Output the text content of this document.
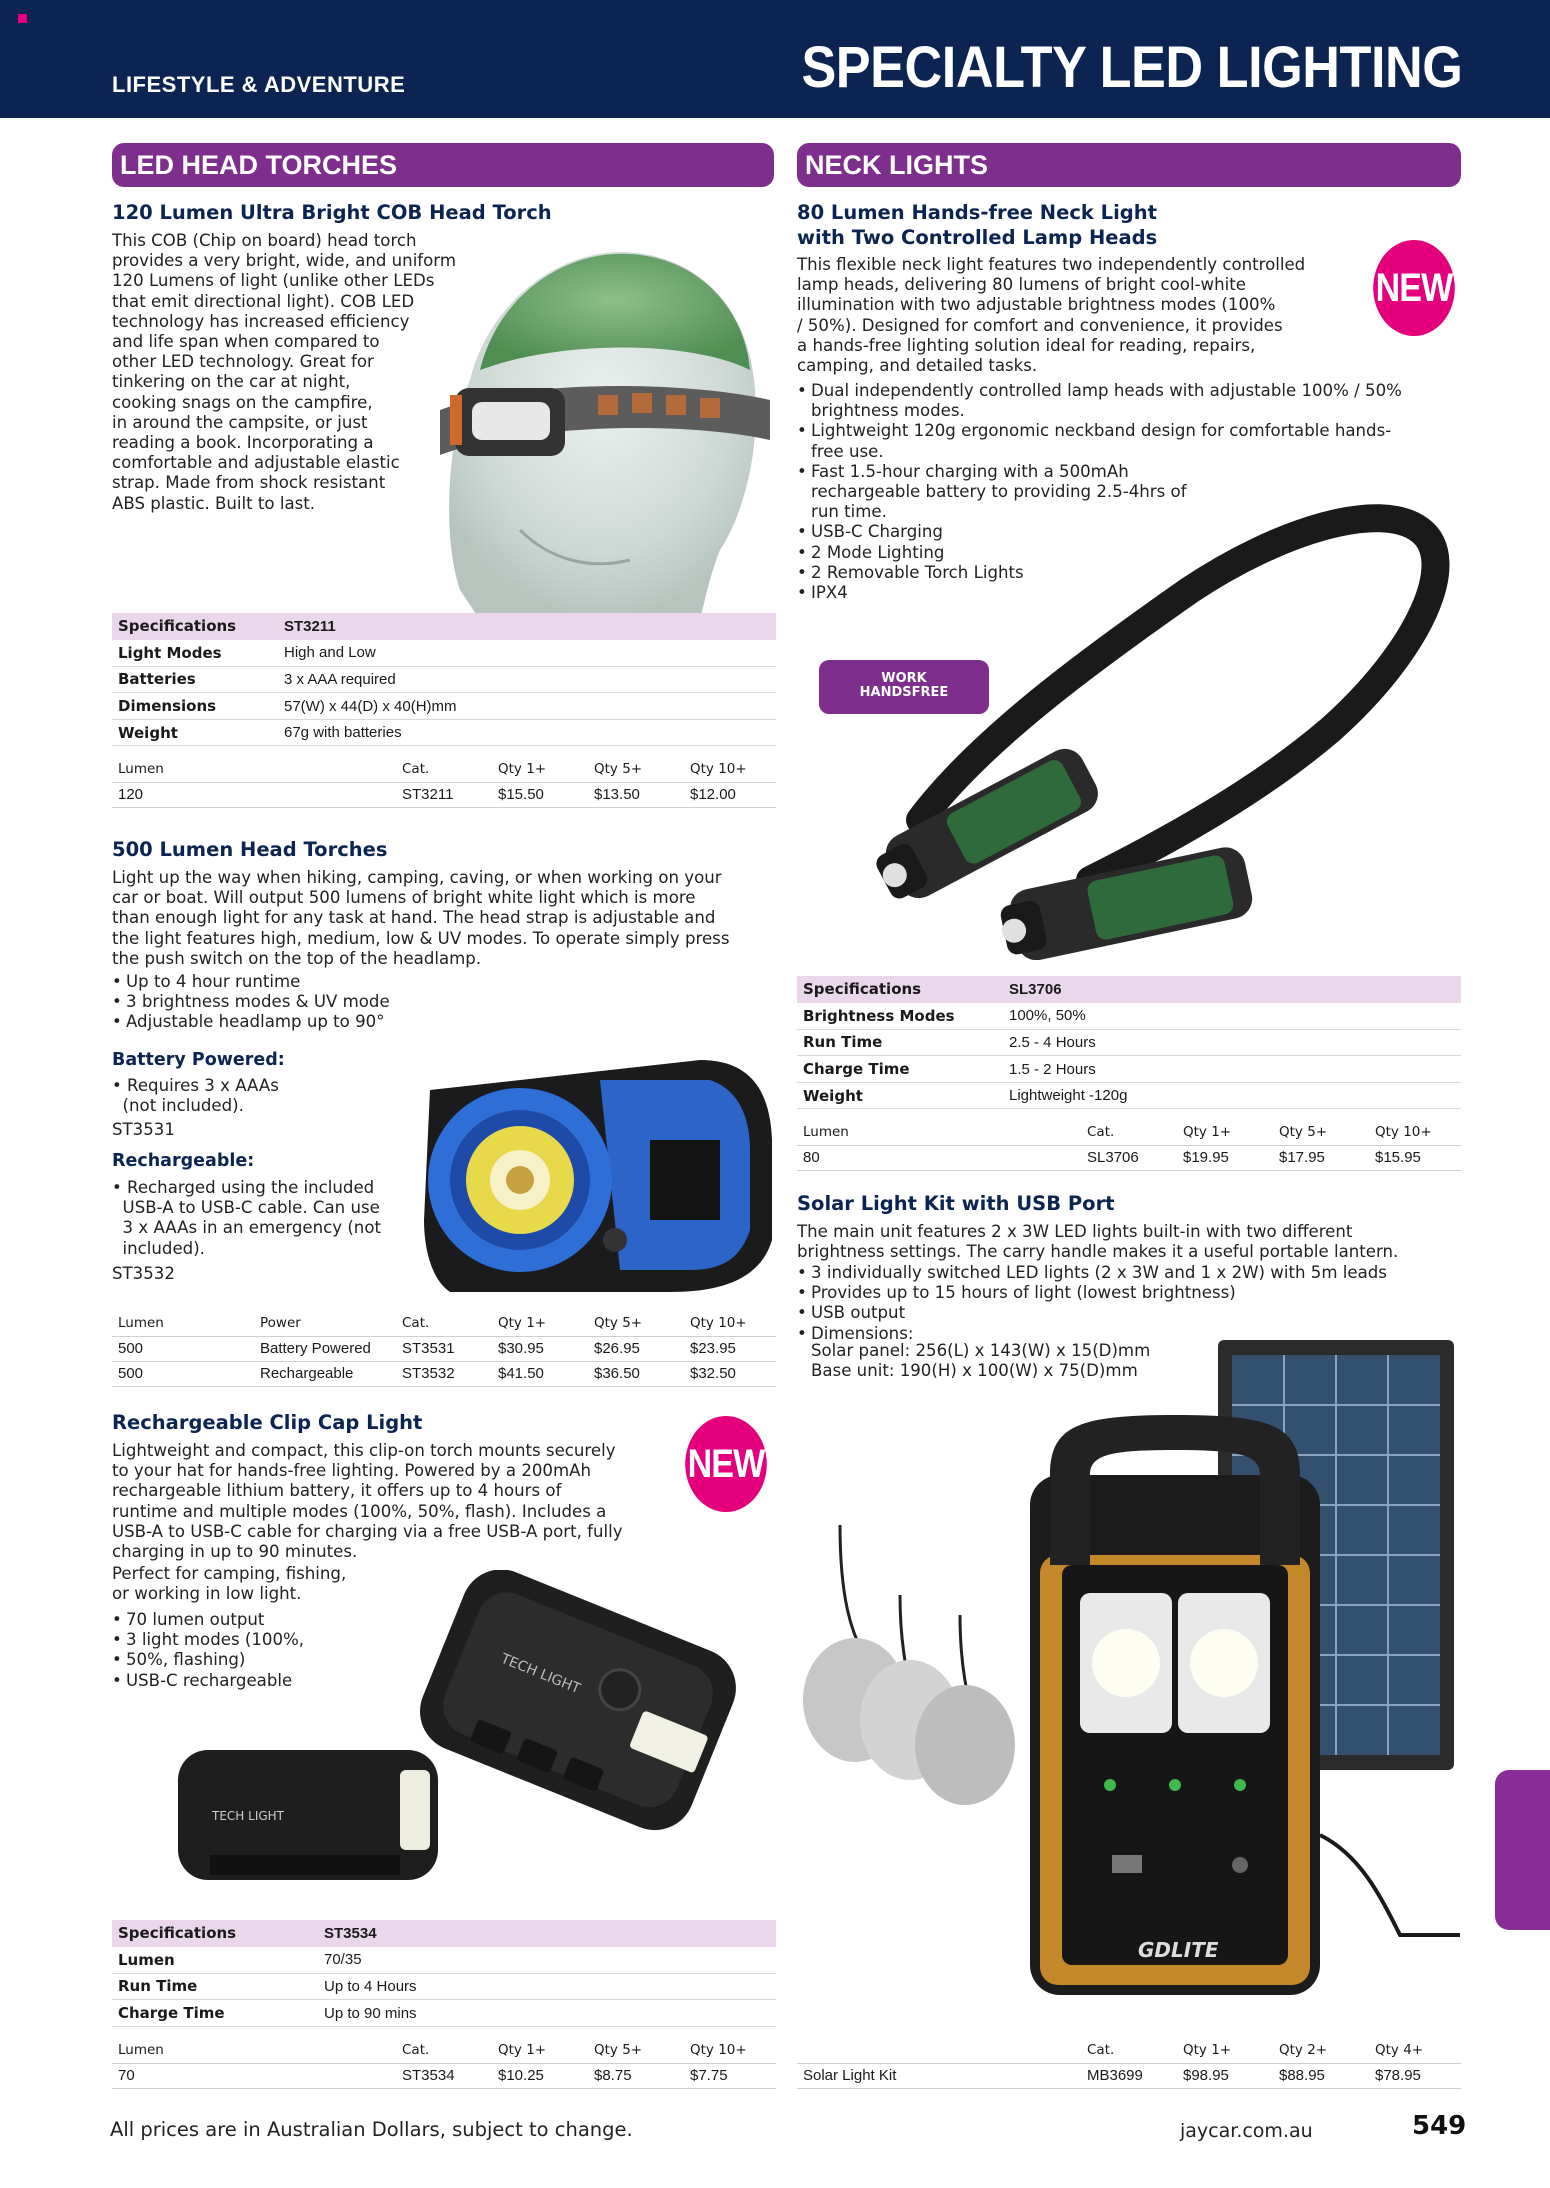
LIFESTYLE & ADVENTURE	SPECIALTY LED LIGHTING
LED HEAD TORCHES
120 Lumen Ultra Bright COB Head Torch
This COB (Chip on board) head torch
provides a very bright, wide, and uniform
120 Lumens of light (unlike other LEDs
that emit directional light). COB LED
technology has increased efficiency
and life span when compared to
other LED technology. Great for
tinkering on the car at night,
cooking snags on the campfire,
in around the campsite, or just
reading a book. Incorporating a
comfortable and adjustable elastic
strap. Made from shock resistant
ABS plastic. Built to last.
Specifications	ST3211
Light Modes	High and Low
Batteries	3 x AAA required
Dimensions	57(W) x 44(D) x 40(H)mm
Weight	67g with batteries
Lumen	Cat.	Qty 1+	Qty 5+	Qty 10+
120	ST3211	$15.50	$13.50	$12.00
500 Lumen Head Torches
Light up the way when hiking, camping, caving, or when working on your
car or boat. Will output 500 lumens of bright white light which is more
than enough light for any task at hand. The head strap is adjustable and
the light features high, medium, low & UV modes. To operate simply press
the push switch on the top of the headlamp.
• Up to 4 hour runtime
• 3 brightness modes & UV mode
• Adjustable headlamp up to 90°
Battery Powered:
• Requires 3 x AAAs
(not included).
ST3531
Rechargeable:
• Recharged using the included
USB-A to USB-C cable. Can use
3 x AAAs in an emergency (not
included).
ST3532
Lumen	Power	Cat.	Qty 1+	Qty 5+	Qty 10+
500	Battery Powered	ST3531	$30.95	$26.95	$23.95
500	Rechargeable	ST3532	$41.50	$36.50	$32.50
Rechargeable Clip Cap Light
NEW
Lightweight and compact, this clip-on torch mounts securely
to your hat for hands-free lighting. Powered by a 200mAh
rechargeable lithium battery, it offers up to 4 hours of
runtime and multiple modes (100%, 50%, flash). Includes a
USB-A to USB-C cable for charging via a free USB-A port, fully
charging in up to 90 minutes.
Perfect for camping, fishing,
or working in low light.
• 70 lumen output
• 3 light modes (100%,
• 50%, flashing)
• USB-C rechargeable	TECH LIGHT
TECH LIGHT
Specifications	ST3534
Lumen	70/35
Run Time	Up to 4 Hours
Charge Time	Up to 90 mins
Lumen	Cat.	Qty 1+	Qty 5+	Qty 10+
70	ST3534	$10.25	$8.75	$7.75
NECK LIGHTS
80 Lumen Hands-free Neck Light
with Two Controlled Lamp Heads
NEW
This flexible neck light features two independently controlled
lamp heads, delivering 80 lumens of bright cool-white
illumination with two adjustable brightness modes (100%
/ 50%). Designed for comfort and convenience, it provides
a hands-free lighting solution ideal for reading, repairs,
camping, and detailed tasks.
• Dual independently controlled lamp heads with adjustable 100% / 50%
brightness modes.
• Lightweight 120g ergonomic neckband design for comfortable hands-
free use.
• Fast 1.5-hour charging with a 500mAh
rechargeable battery to providing 2.5-4hrs of
run time.
• USB-C Charging
• 2 Mode Lighting
• 2 Removable Torch Lights
• IPX4
WORK
HANDSFREE
Specifications	SL3706
Brightness Modes	100%, 50%
Run Time	2.5 - 4 Hours
Charge Time	1.5 - 2 Hours
Weight	Lightweight -120g
Lumen	Cat.	Qty 1+	Qty 5+	Qty 10+
80	SL3706	$19.95	$17.95	$15.95
Solar Light Kit with USB Port
The main unit features 2 x 3W LED lights built-in with two different
brightness settings. The carry handle makes it a useful portable lantern.
• 3 individually switched LED lights (2 x 3W and 1 x 2W) with 5m leads
• Provides up to 15 hours of light (lowest brightness)
• USB output
• Dimensions:
Solar panel: 256(L) x 143(W) x 15(D)mm
Base unit: 190(H) x 100(W) x 75(D)mm
GDLITE
	Cat.	Qty 1+	Qty 2+	Qty 4+
Solar Light Kit	MB3699	$98.95	$88.95	$78.95
All prices are in Australian Dollars, subject to change.	jaycar.com.au	549
